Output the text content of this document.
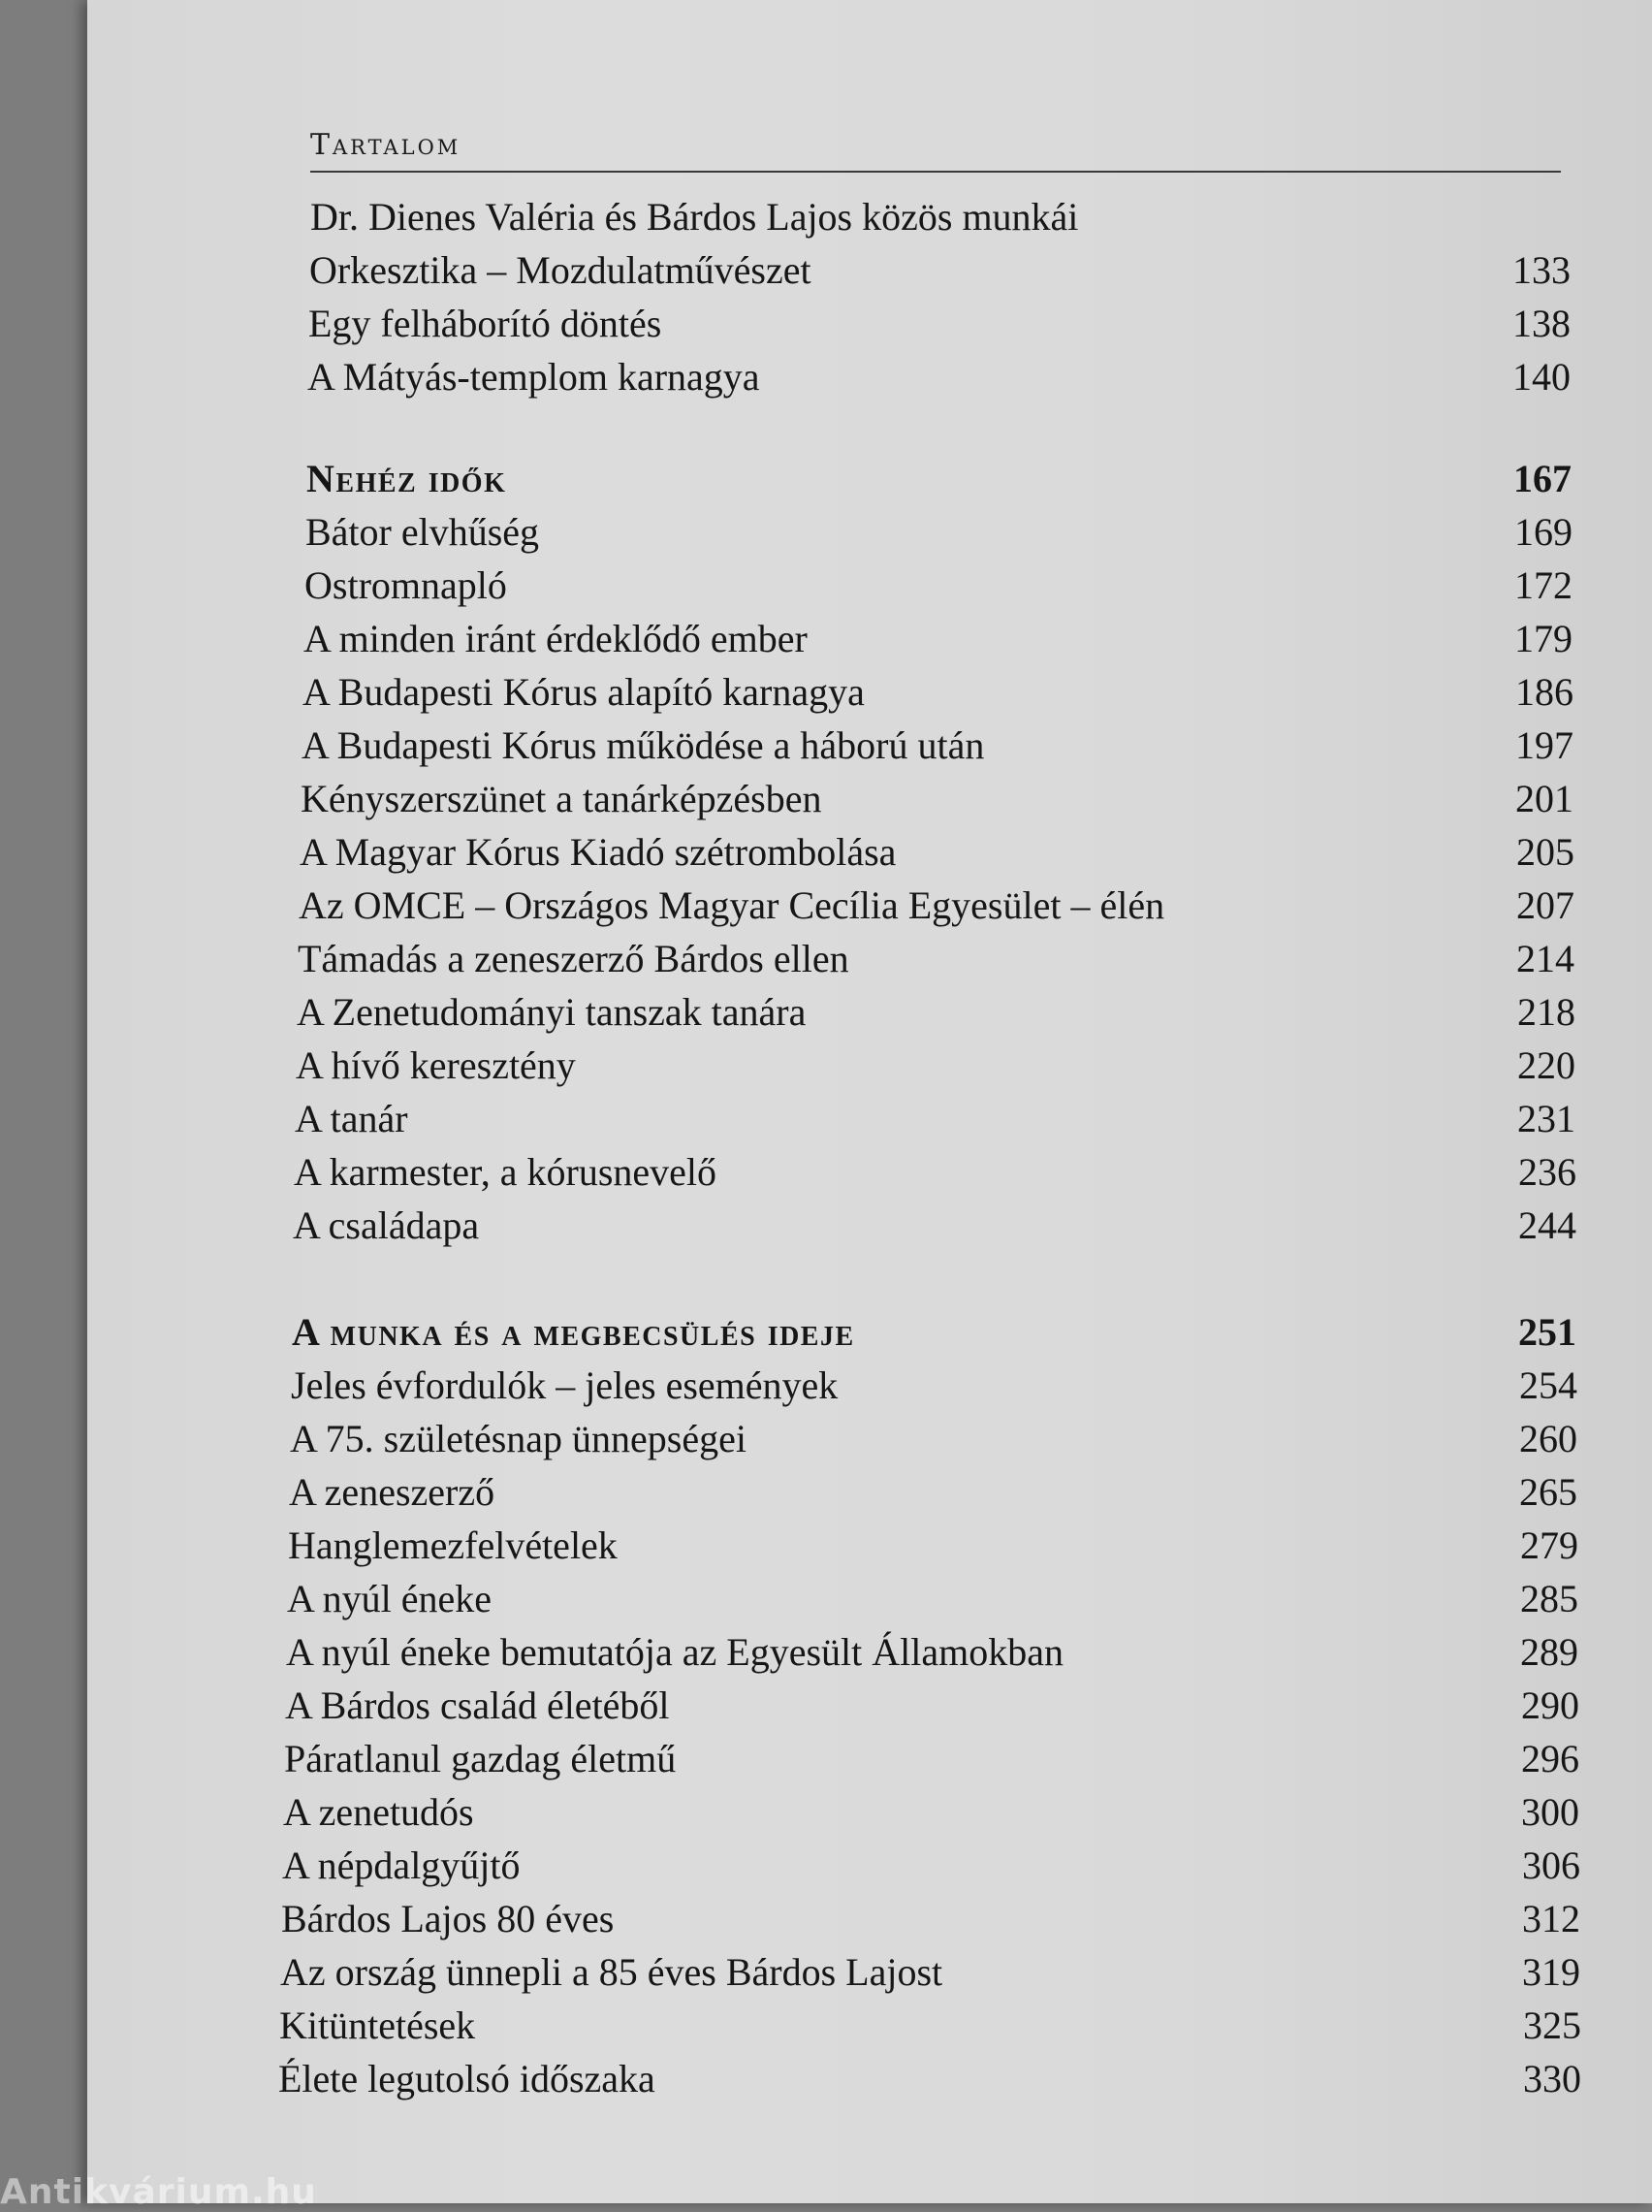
Tartalom
Dr. Dienes Valéria és Bárdos Lajos közös munkái
Orkesztika – Mozdulatművészet	133
Egy felháborító döntés	138
A Mátyás-templom karnagya	140
Nehéz idők	167
Bátor elvhűség	169
Ostromnapló	172
A minden iránt érdeklődő ember	179
A Budapesti Kórus alapító karnagya	186
A Budapesti Kórus működése a háború után	197
Kényszerszünet a tanárképzésben	201
A Magyar Kórus Kiadó szétrombolása	205
Az OMCE – Országos Magyar Cecília Egyesület – élén	207
Támadás a zeneszerző Bárdos ellen	214
A Zenetudományi tanszak tanára	218
A hívő keresztény	220
A tanár	231
A karmester, a kórusnevelő	236
A családapa	244
A munka és a megbecsülés ideje	251
Jeles évfordulók – jeles események	254
A 75. születésnap ünnepségei	260
A zeneszerző	265
Hanglemezfelvételek	279
A nyúl éneke	285
A nyúl éneke bemutatója az Egyesült Államokban	289
A Bárdos család életéből	290
Páratlanul gazdag életmű	296
A zenetudós	300
A népdalgyűjtő	306
Bárdos Lajos 80 éves	312
Az ország ünnepli a 85 éves Bárdos Lajost	319
Kitüntetések	325
Élete legutolsó időszaka	330
Antikvárium.hu
